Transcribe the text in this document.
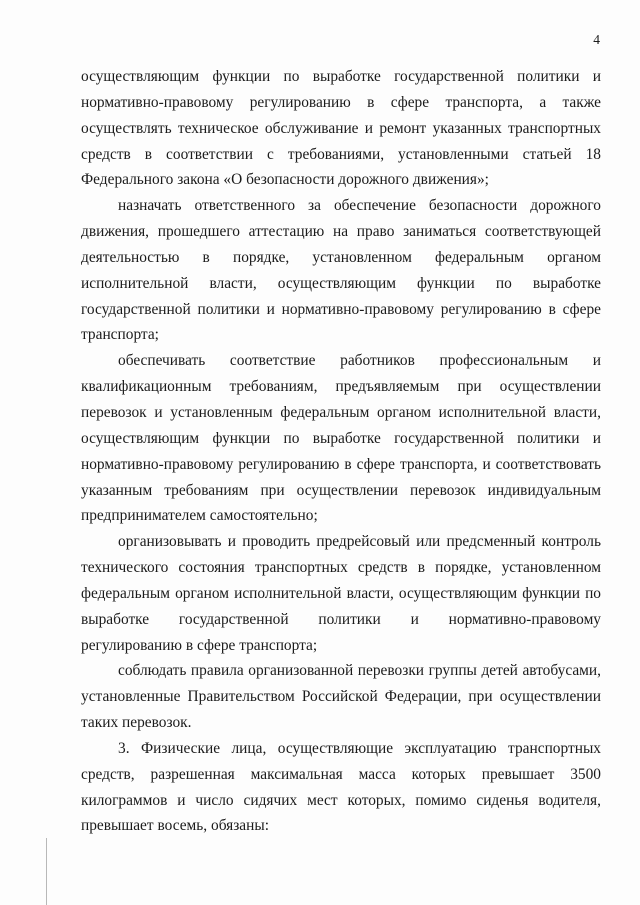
4

осуществляющим функции по выработке государственной политики и нормативно-правовому регулированию в сфере транспорта, а также осуществлять техническое обслуживание и ремонт указанных транспортных средств в соответствии с требованиями, установленными статьей 18 Федерального закона «О безопасности дорожного движения»;

назначать ответственного за обеспечение безопасности дорожного движения, прошедшего аттестацию на право заниматься соответствующей деятельностью в порядке, установленном федеральным органом исполнительной власти, осуществляющим функции по выработке государственной политики и нормативно-правовому регулированию в сфере транспорта;

обеспечивать соответствие работников профессиональным и квалификационным требованиям, предъявляемым при осуществлении перевозок и установленным федеральным органом исполнительной власти, осуществляющим функции по выработке государственной политики и нормативно-правовому регулированию в сфере транспорта, и соответствовать указанным требованиям при осуществлении перевозок индивидуальным предпринимателем самостоятельно;

организовывать и проводить предрейсовый или предсменный контроль технического состояния транспортных средств в порядке, установленном федеральным органом исполнительной власти, осуществляющим функции по выработке государственной политики и нормативно-правовому регулированию в сфере транспорта;

соблюдать правила организованной перевозки группы детей автобусами, установленные Правительством Российской Федерации, при осуществлении таких перевозок.

3. Физические лица, осуществляющие эксплуатацию транспортных средств, разрешенная максимальная масса которых превышает 3500 килограммов и число сидячих мест которых, помимо сиденья водителя, превышает восемь, обязаны:
